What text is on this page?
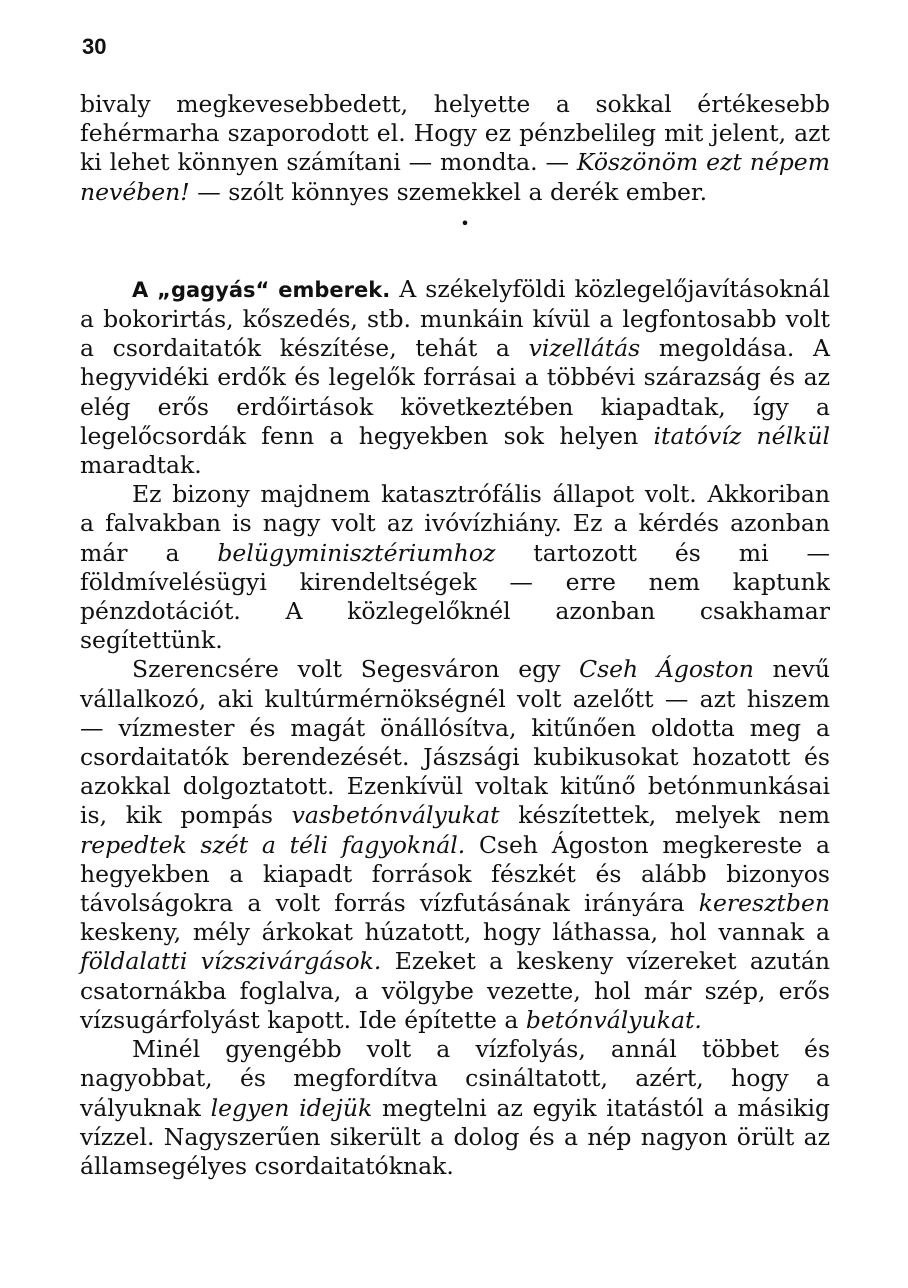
30

bivaly megkevesebbedett, helyette a sokkal értékesebb fehérmarha szaporodott el. Hogy ez pénzbelileg mit jelent, azt ki lehet könnyen számítani — mondta. — Köszönöm ezt népem nevében! — szólt könnyes szemekkel a derék ember.

•

A „gagyás“ emberek. A székelyföldi közlegelőjavításoknál a bokorirtás, kőszedés, stb. munkáin kívül a legfontosabb volt a csordaitatók készítése, tehát a vizellátás megoldása. A hegyvidéki erdők és legelők forrásai a többévi szárazság és az elég erős erdőirtások következtében kiapadtak, így a legelőcsordák fenn a hegyekben sok helyen itatóvíz nélkül maradtak.

Ez bizony majdnem katasztrófális állapot volt. Akkoriban a falvakban is nagy volt az ivóvízhiány. Ez a kérdés azonban már a belügyminisztériumhoz tartozott és mi — földmívelésügyi kirendeltségek — erre nem kaptunk pénzdotációt. A közlegelőknél azonban csakhamar segítettünk.

Szerencsére volt Segesváron egy Cseh Ágoston nevű vállalkozó, aki kultúrmérnökségnél volt azelőtt — azt hiszem — vízmester és magát önállósítva, kitűnően oldotta meg a csordaitatók berendezését. Jászsági kubikusokat hozatott és azokkal dolgoztatott. Ezenkívül voltak kitűnő betónmunkásai is, kik pompás vasbetónvályukat készítettek, melyek nem repedtek szét a téli fagyoknál. Cseh Ágoston megkereste a hegyekben a kiapadt források fészkét és alább bizonyos távolságokra a volt forrás vízfutásának irányára keresztben keskeny, mély árkokat húzatott, hogy láthassa, hol vannak a földalatti vízszivárgások. Ezeket a keskeny vízereket azután csatornákba foglalva, a völgybe vezette, hol már szép, erős vízsugárfolyást kapott. Ide építette a betónvályukat.

Minél gyengébb volt a vízfolyás, annál többet és nagyobbat, és megfordítva csináltatott, azért, hogy a vályuknak legyen idejük megtelni az egyik itatástól a másikig vízzel. Nagyszerűen sikerült a dolog és a nép nagyon örült az államsegélyes csordaitatóknak.
